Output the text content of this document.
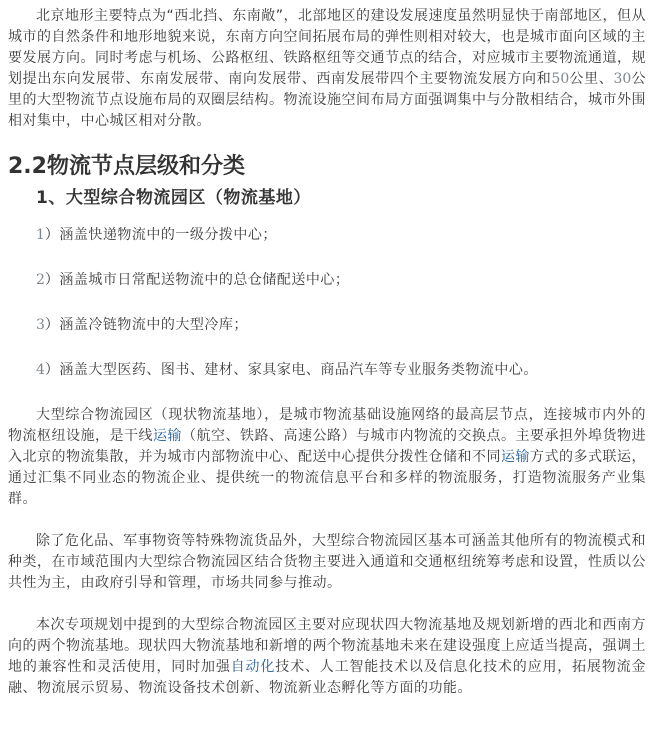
北京地形主要特点为“西北挡、东南敞”，北部地区的建设发展速度虽然明显快于南部地区，但从城市的自然条件和地形地貌来说，东南方向空间拓展布局的弹性则相对较大，也是城市面向区域的主要发展方向。同时考虑与机场、公路枢纽、铁路枢纽等交通节点的结合，对应城市主要物流通道，规划提出东向发展带、东南发展带、南向发展带、西南发展带四个主要物流发展方向和50公里、30公里的大型物流节点设施布局的双圈层结构。物流设施空间布局方面强调集中与分散相结合，城市外围相对集中，中心城区相对分散。

2.2物流节点层级和分类
1、大型综合物流园区（物流基地）

1）涵盖快递物流中的一级分拨中心；

2）涵盖城市日常配送物流中的总仓储配送中心；

3）涵盖冷链物流中的大型冷库；

4）涵盖大型医药、图书、建材、家具家电、商品汽车等专业服务类物流中心。

大型综合物流园区（现状物流基地），是城市物流基础设施网络的最高层节点，连接城市内外的物流枢纽设施，是干线运输（航空、铁路、高速公路）与城市内物流的交换点。主要承担外埠货物进入北京的物流集散，并为城市内部物流中心、配送中心提供分拨性仓储和不同运输方式的多式联运，通过汇集不同业态的物流企业、提供统一的物流信息平台和多样的物流服务，打造物流服务产业集群。

除了危化品、军事物资等特殊物流货品外，大型综合物流园区基本可涵盖其他所有的物流模式和种类，在市域范围内大型综合物流园区结合货物主要进入通道和交通枢纽统筹考虑和设置，性质以公共性为主，由政府引导和管理，市场共同参与推动。

本次专项规划中提到的大型综合物流园区主要对应现状四大物流基地及规划新增的西北和西南方向的两个物流基地。现状四大物流基地和新增的两个物流基地未来在建设强度上应适当提高，强调土地的兼容性和灵活使用，同时加强自动化技术、人工智能技术以及信息化技术的应用，拓展物流金融、物流展示贸易、物流设备技术创新、物流新业态孵化等方面的功能。
